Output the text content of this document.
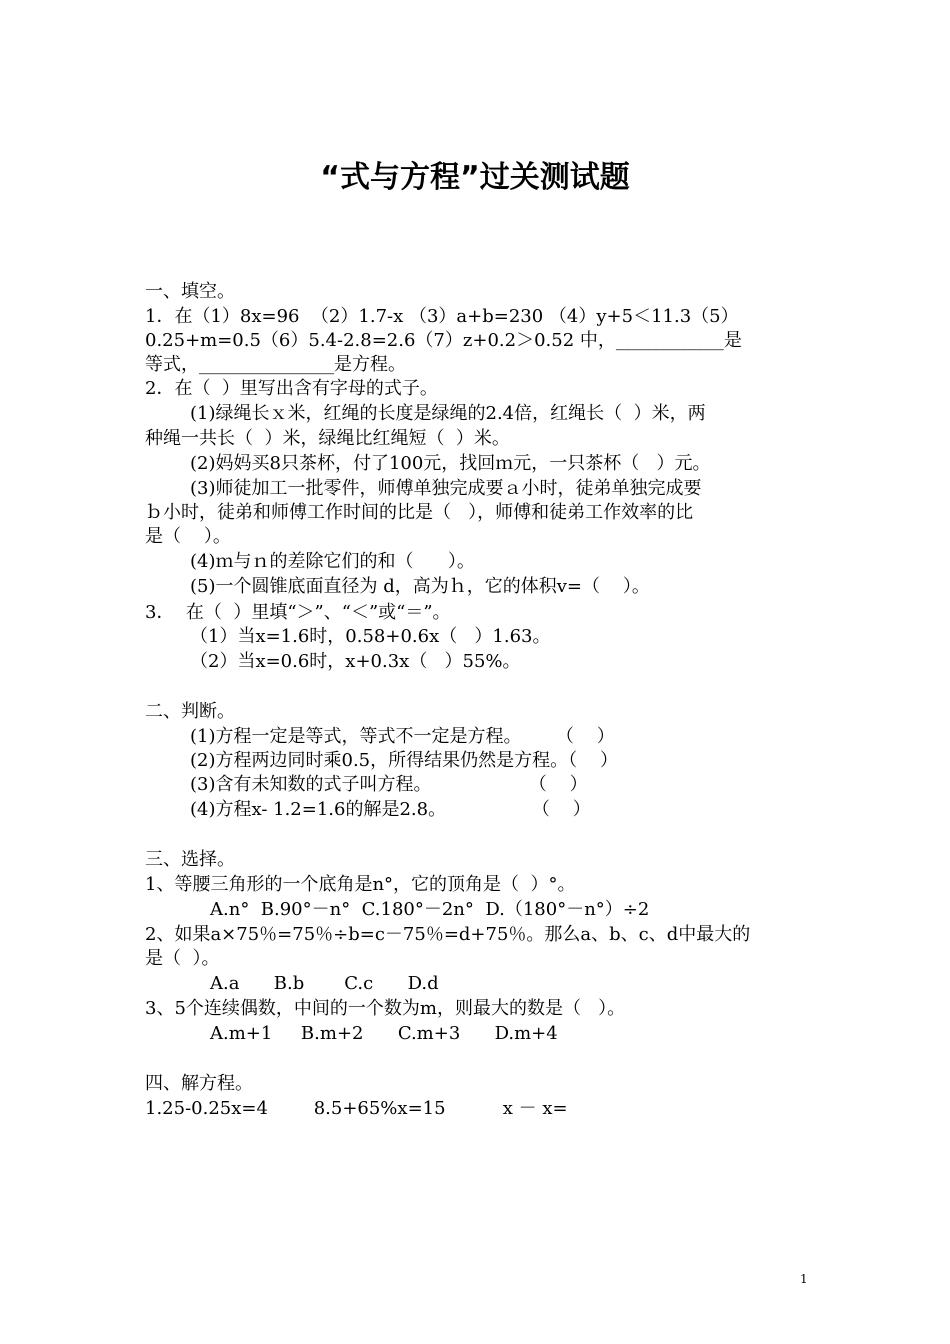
“式与方程”过关测试题
一、填空。
1．在（1）8x=96  （2）1.7-x （3）a+b=230 （4）y+5＜11.3（5）
0.25+m=0.5（6）5.4-2.8=2.6（7）z+0.2＞0.52 中，____________是
等式，_______________是方程。
2．在（  ）里写出含有字母的式子。
(1)绿绳长ｘ米，红绳的长度是绿绳的2.4倍，红绳长（  ）米，两
种绳一共长（  ）米，绿绳比红绳短（  ）米。
(2)妈妈买8只茶杯，付了100元，找回ｍ元，一只茶杯（   ）元。
(3)师徒加工一批零件，师傅单独完成要ａ小时，徒弟单独完成要
ｂ小时，徒弟和师傅工作时间的比是（   ），师傅和徒弟工作效率的比
是（    ）。
(4)ｍ与ｎ的差除它们的和（      ）。
(5)一个圆锥底面直径为 d，高为ｈ，它的体积v=（    ）。
3．  在（  ）里填“＞”、“＜”或“＝”。
（1）当x=1.6时，0.58+0.6x（   ）1.63。
（2）当x=0.6时，x+0.3x（   ）55%。
二、判断。
(1)方程一定是等式，等式不一定是方程。      （    ）
(2)方程两边同时乘0.5，所得结果仍然是方程。（    ）
(3)含有未知数的式子叫方程。                 （    ）
(4)方程x- 1.2=1.6的解是2.8。               （    ）
三、选择。
1、等腰三角形的一个底角是n°，它的顶角是（  ）°。
A.n°  B.90°－n°  C.180°－2n°  D.（180°－n°）÷2
2、如果a×75％=75％÷b=c－75％=d+75％。那么a、b、c、d中最大的
是（  ）。
A.a      B.b       C.c      D.d
3、5个连续偶数，中间的一个数为m，则最大的数是（   ）。
A.m+1     B.m+2      C.m+3      D.m+4
四、解方程。
1.25-0.25x=4        8.5+65%x=15          x － x=
1
